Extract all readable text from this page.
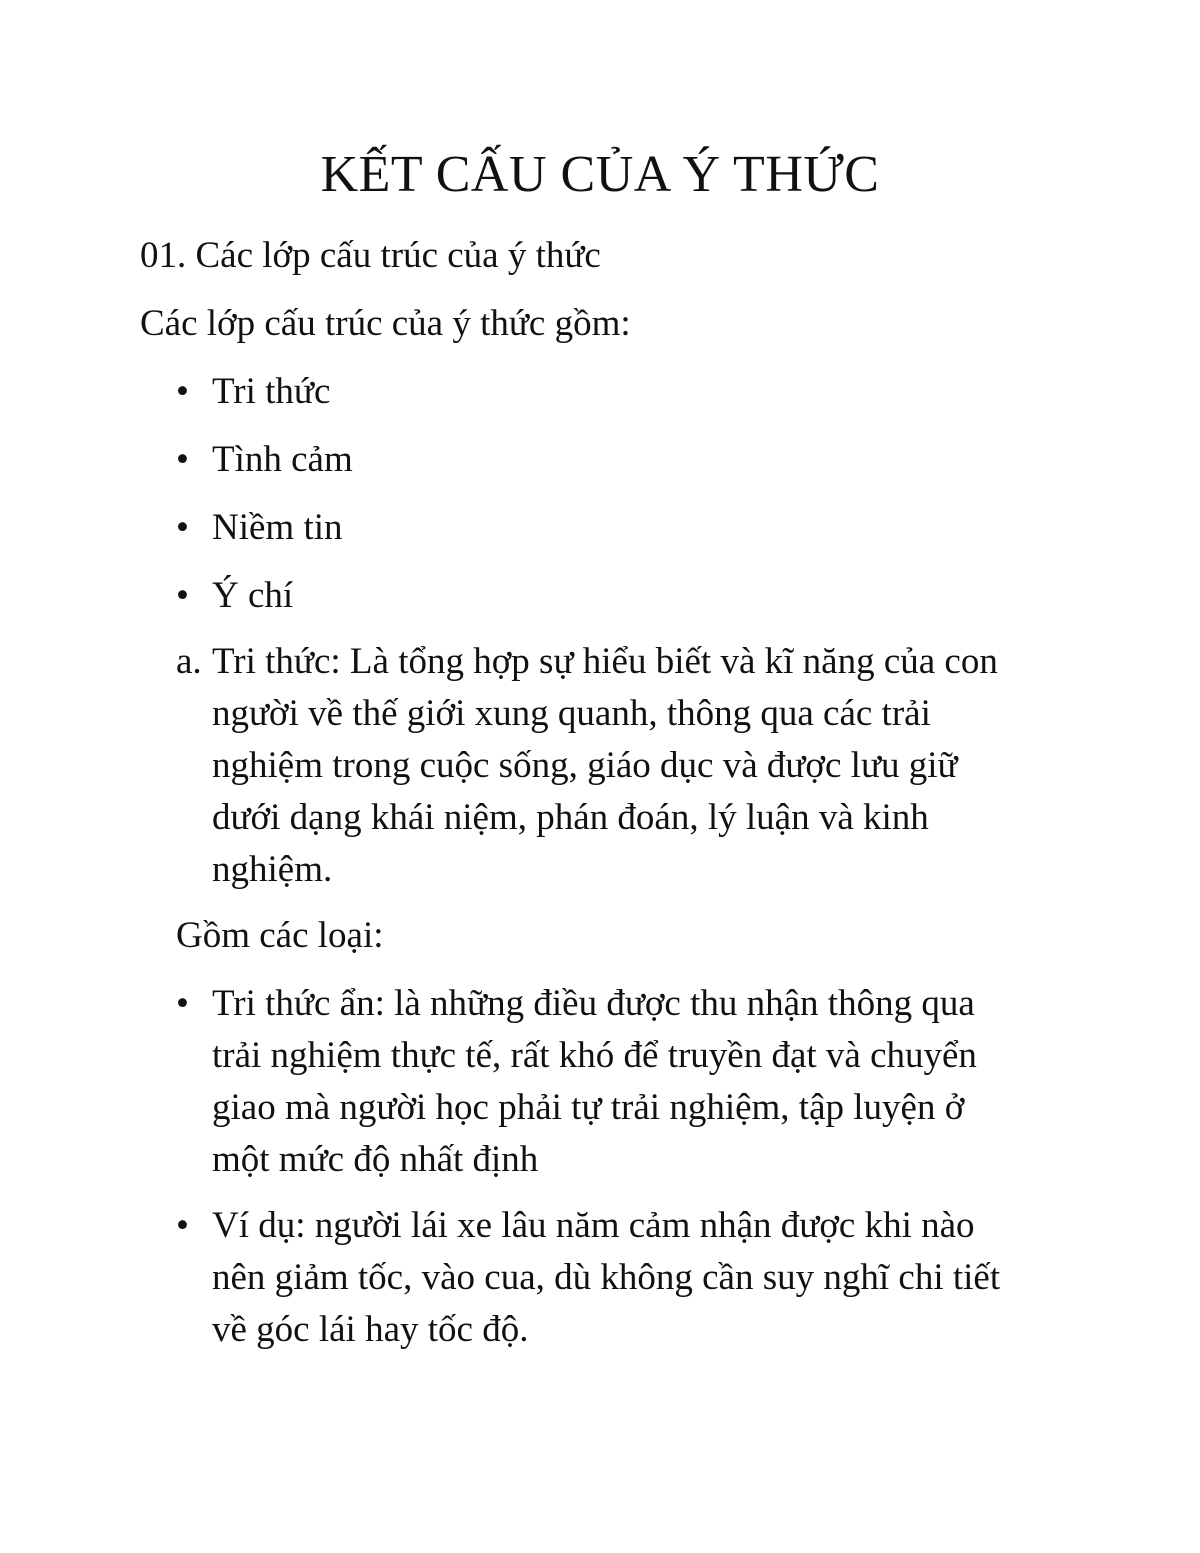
KẾT CẤU CỦA Ý THỨC

01. Các lớp cấu trúc của ý thức

Các lớp cấu trúc của ý thức gồm:

• Tri thức
• Tình cảm
• Niềm tin
• Ý chí
a. Tri thức: Là tổng hợp sự hiểu biết và kĩ năng của con
người về thế giới xung quanh, thông qua các trải
nghiệm trong cuộc sống, giáo dục và được lưu giữ
dưới dạng khái niệm, phán đoán, lý luận và kinh
nghiệm.

Gồm các loại:

• Tri thức ẩn: là những điều được thu nhận thông qua
trải nghiệm thực tế, rất khó để truyền đạt và chuyển
giao mà người học phải tự trải nghiệm, tập luyện ở
một mức độ nhất định
• Ví dụ: người lái xe lâu năm cảm nhận được khi nào
nên giảm tốc, vào cua, dù không cần suy nghĩ chi tiết
về góc lái hay tốc độ.
